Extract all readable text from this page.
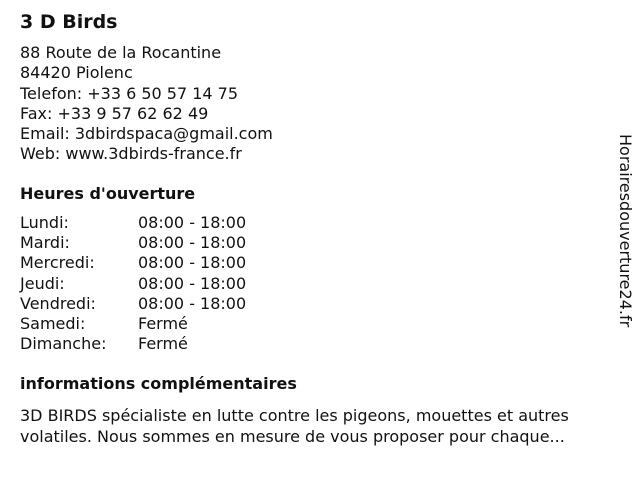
3 D Birds
88 Route de la Rocantine
84420 Piolenc
Telefon: +33 6 50 57 14 75
Fax: +33 9 57 62 62 49
Email: 3dbirdspaca@gmail.com
Web: www.3dbirds-france.fr
Heures d'ouverture
Lundi:	08:00 - 18:00
Mardi:	08:00 - 18:00
Mercredi:	08:00 - 18:00
Jeudi:	08:00 - 18:00
Vendredi:	08:00 - 18:00
Samedi:	Fermé
Dimanche: Fermé
informations complémentaires

3D BIRDS spécialiste en lutte contre les pigeons, mouettes et autres volatiles. Nous sommes en mesure de vous proposer pour chaque...

Horairesdouverture24.fr
